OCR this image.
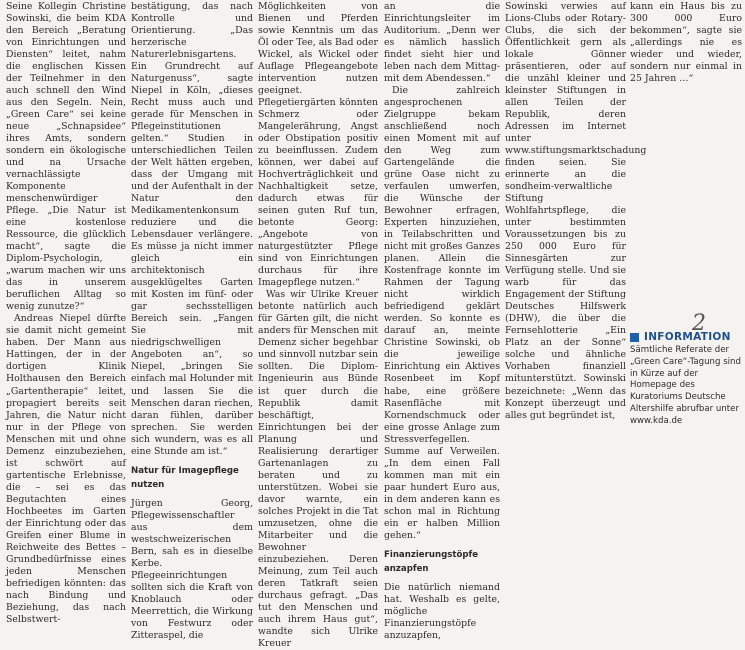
Seine Kollegin Christine Sowinski, die beim KDA den Bereich „Beratung von Einrichtungen und Diensten“ leitet, nahm die englischen Kissen der Teilnehmer in den auch schnell den Wind aus den Segeln. Nein, „Green Care“ sei keine neue „Schnapsidee“ ihres Amts, sondern sondern ein ökologische und na Ursache vernachlässigte Komponente menschenwürdiger Pflege. „Die Natur ist eine kostenlose Ressource, die glücklich macht“, sagte die Diplom-Psychologin, „warum machen wir uns das in unserem beruflichen Alltag so wenig zunutze?“

Andreas Niepel dürfte sie damit nicht gemeint haben. Der Mann aus Hattingen, der in der dortigen Klinik Holthausen den Bereich „Gartentherapie“ leitet, propagiert bereits seit Jahren, die Natur nicht nur in der Pflege von Menschen mit und ohne Demenz einzubeziehen, ist schwört auf gartentische Erlebnisse, die – sei es das Begutachten eines Hochbeetes im Garten der Einrichtung oder das Greifen einer Blume in Reichweite des Bettes – Grundbedürfnisse eines jeden Menschen befriedigen könnten: das nach Bindung und Beziehung, das nach Selbstwert-

bestätigung, das nach Kontrolle und Orientierung. „Das herzerische Naturerlebnisgartens. Ein Grundrecht auf Naturgenuss“, sagte Niepel in Köln, „dieses Recht muss auch und gerade für Menschen in Pflegeinstitutionen gelten.“ Studien in unterschiedlichen Teilen der Welt hätten ergeben, dass der Umgang mit und der Aufenthalt in der Natur den Medikamentenkonsum reduziere und die Lebensdauer verlängere. Es müsse ja nicht immer gleich ein architektonisch ausgeklügeltes Garten mit Kosten im fünf- oder gar sechsstelligen Bereich sein. „Fangen Sie mit niedrigschwelligen Angeboten an“, so Niepel, „bringen Sie einfach mal Holunder mit und lassen Sie die Menschen daran riechen, daran fühlen, darüber sprechen. Sie werden sich wundern, was es all eine Stunde am ist.“

Natur für Imagepflege nutzen

Jürgen Georg, Pflegewissenschaftler aus dem westschweizerischen Bern, sah es in dieselbe Kerbe. Pflegeeinrichtungen sollten sich die Kraft von Knoblauch oder Meerrettich, die Wirkung von Festwurz oder Zitteraspel, die

Möglichkeiten von Bienen und Pferden sowie Kenntnis um das Öl oder Tee, als Bad oder Wickel, als Wickel oder Auflage Pflegeangebote intervention nutzen geeignet. Pflegetiergärten könnten Schmerz oder Mangelerährung, Angst oder Obstipation positiv zu beeinflussen. Zudem können, wer dabei auf Hochverträglichkeit und Nachhaltigkeit setze, dadurch etwas für seinen guten Ruf tun, betonte Georg: „Angebote von naturgestützter Pflege sind von Einrichtungen durchaus für ihre Imagepflege nutzen.“

Was wir Ulrike Kreuer betonte natürlich auch für Gärten gilt, die nicht anders für Menschen mit Demenz sicher begehbar und sinnvoll nutzbar sein sollten. Die Diplom-Ingenieurin aus Bünde ist quer durch die Republik damit beschäftigt, Einrichtungen bei der Planung und Realisierung derartiger Gartenanlagen zu beraten und zu unterstützen. Wobei sie davor warnte, ein solches Projekt in die Tat umzusetzen, ohne die Mitarbeiter und die Bewohner einzubeziehen. Deren Meinung, zum Teil auch deren Tatkraft seien durchaus gefragt. „Das tut den Menschen und auch ihrem Haus gut“, wandte sich Ulrike Kreuer

an die Einrichtungsleiter im Auditorium. „Denn wer es nämlich hasslich findet sieht hier und leben nach dem Mittag- mit dem Abendessen.“

Die zahlreich angesprochenen Zielgruppe bekam anschließend noch einen Moment mit auf den Weg zum Gartengelände die grüne Oase nicht zu verfaulen umwerfen, die Wünsche der Bewohner erfragen, Experten hinzuziehen, in Teilabschritten und nicht mit großes Ganzes planen. Allein die Kostenfrage konnte im Rahmen der Tagung nicht wirklich befriedigend geklärt werden. So konnte es darauf an, meinte Christine Sowinski, ob die jeweilige Einrichtung ein Aktives Rosenbeet im Kopf habe, eine größere Rasenfläche mit Kornendschmuck oder eine grosse Anlage zum Stressverfegellen. Summe auf Verweilen. „In dem einen Fall kommen man mit ein paar hundert Euro aus, in dem anderen kann es schon mal in Richtung ein er halben Million gehen.“

Finanzierungstöpfe anzapfen

Die natürlich niemand hat. Weshalb es gelte, mögliche Finanzierungstöpfe anzuzapfen,

Sowinski verwies auf Lions-Clubs oder Rotary-Clubs, die sich der Öffentlichkeit gern als lokale Gönner präsentieren, oder auf die unzähl kleiner und kleinster Stiftungen in allen Teilen der Republik, deren Adressen im Internet unter www.stiftungsmarktschadung finden seien. Sie erinnerte an die sondheim-verwaltliche Stiftung Wohlfahrtspflege, die unter bestimmten Voraussetzungen bis zu 250 000 Euro für Sinnesgärten zur Verfügung stelle. Und sie warb für das Engagement der Stiftung Deutsches Hilfswerk (DHW), die über die Fernsehlotterie „Ein Platz an der Sonne“ solche und ähnliche Vorhaben finanziell mitunterstützt. Sowinski bezeichnete: „Wenn das Konzept überzeugt und alles gut begründet ist,

kann ein Haus bis zu 300 000 Euro bekommen“, sagte sie „allerdings nie es wieder und wieder, sondern nur einmal in 25 Jahren …“

INFORMATION
Sämtliche Referate der „Green Care“-Tagung sind in Kürze auf der Homepage des Kuratoriums Deutsche Altershilfe abrufbar unter www.kda.de
2
